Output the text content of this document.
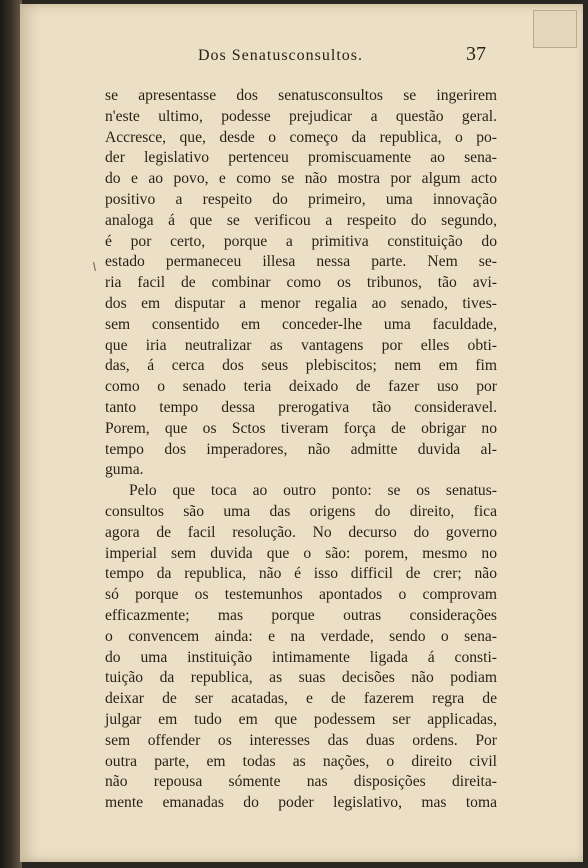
Dos Senatusconsultos.	37
se apresentasse dos senatusconsultos se ingerirem
n'este ultimo, podesse prejudicar a questão geral.
Accresce, que, desde o começo da republica, o po-
der legislativo pertenceu promiscuamente ao sena-
do e ao povo, e como se não mostra por algum acto
positivo a respeito do primeiro, uma innovação
analoga á que se verificou a respeito do segundo,
é por certo, porque a primitiva constituição do
estado permaneceu illesa nessa parte. Nem se-
ria facil de combinar como os tribunos, tão avi-
dos em disputar a menor regalia ao senado, tives-
sem consentido em conceder-lhe uma faculdade,
que iria neutralizar as vantagens por elles obti-
das, á cerca dos seus plebiscitos; nem em fim
como o senado teria deixado de fazer uso por
tanto tempo dessa prerogativa tão consideravel.
Porem, que os Sctos tiveram força de obrigar no
tempo dos imperadores, não admitte duvida al-
guma.
Pelo que toca ao outro ponto: se os senatus-
consultos são uma das origens do direito, fica
agora de facil resolução. No decurso do governo
imperial sem duvida que o são: porem, mesmo no
tempo da republica, não é isso difficil de crer; não
só porque os testemunhos apontados o comprovam
efficazmente; mas porque outras considerações
o convencem ainda: e na verdade, sendo o sena-
do uma instituição intimamente ligada á consti-
tuição da republica, as suas decisões não podiam
deixar de ser acatadas, e de fazerem regra de
julgar em tudo em que podessem ser applicadas,
sem offender os interesses das duas ordens. Por
outra parte, em todas as nações, o direito civil
não repousa sómente nas disposições direita-
mente emanadas do poder legislativo, mas toma
